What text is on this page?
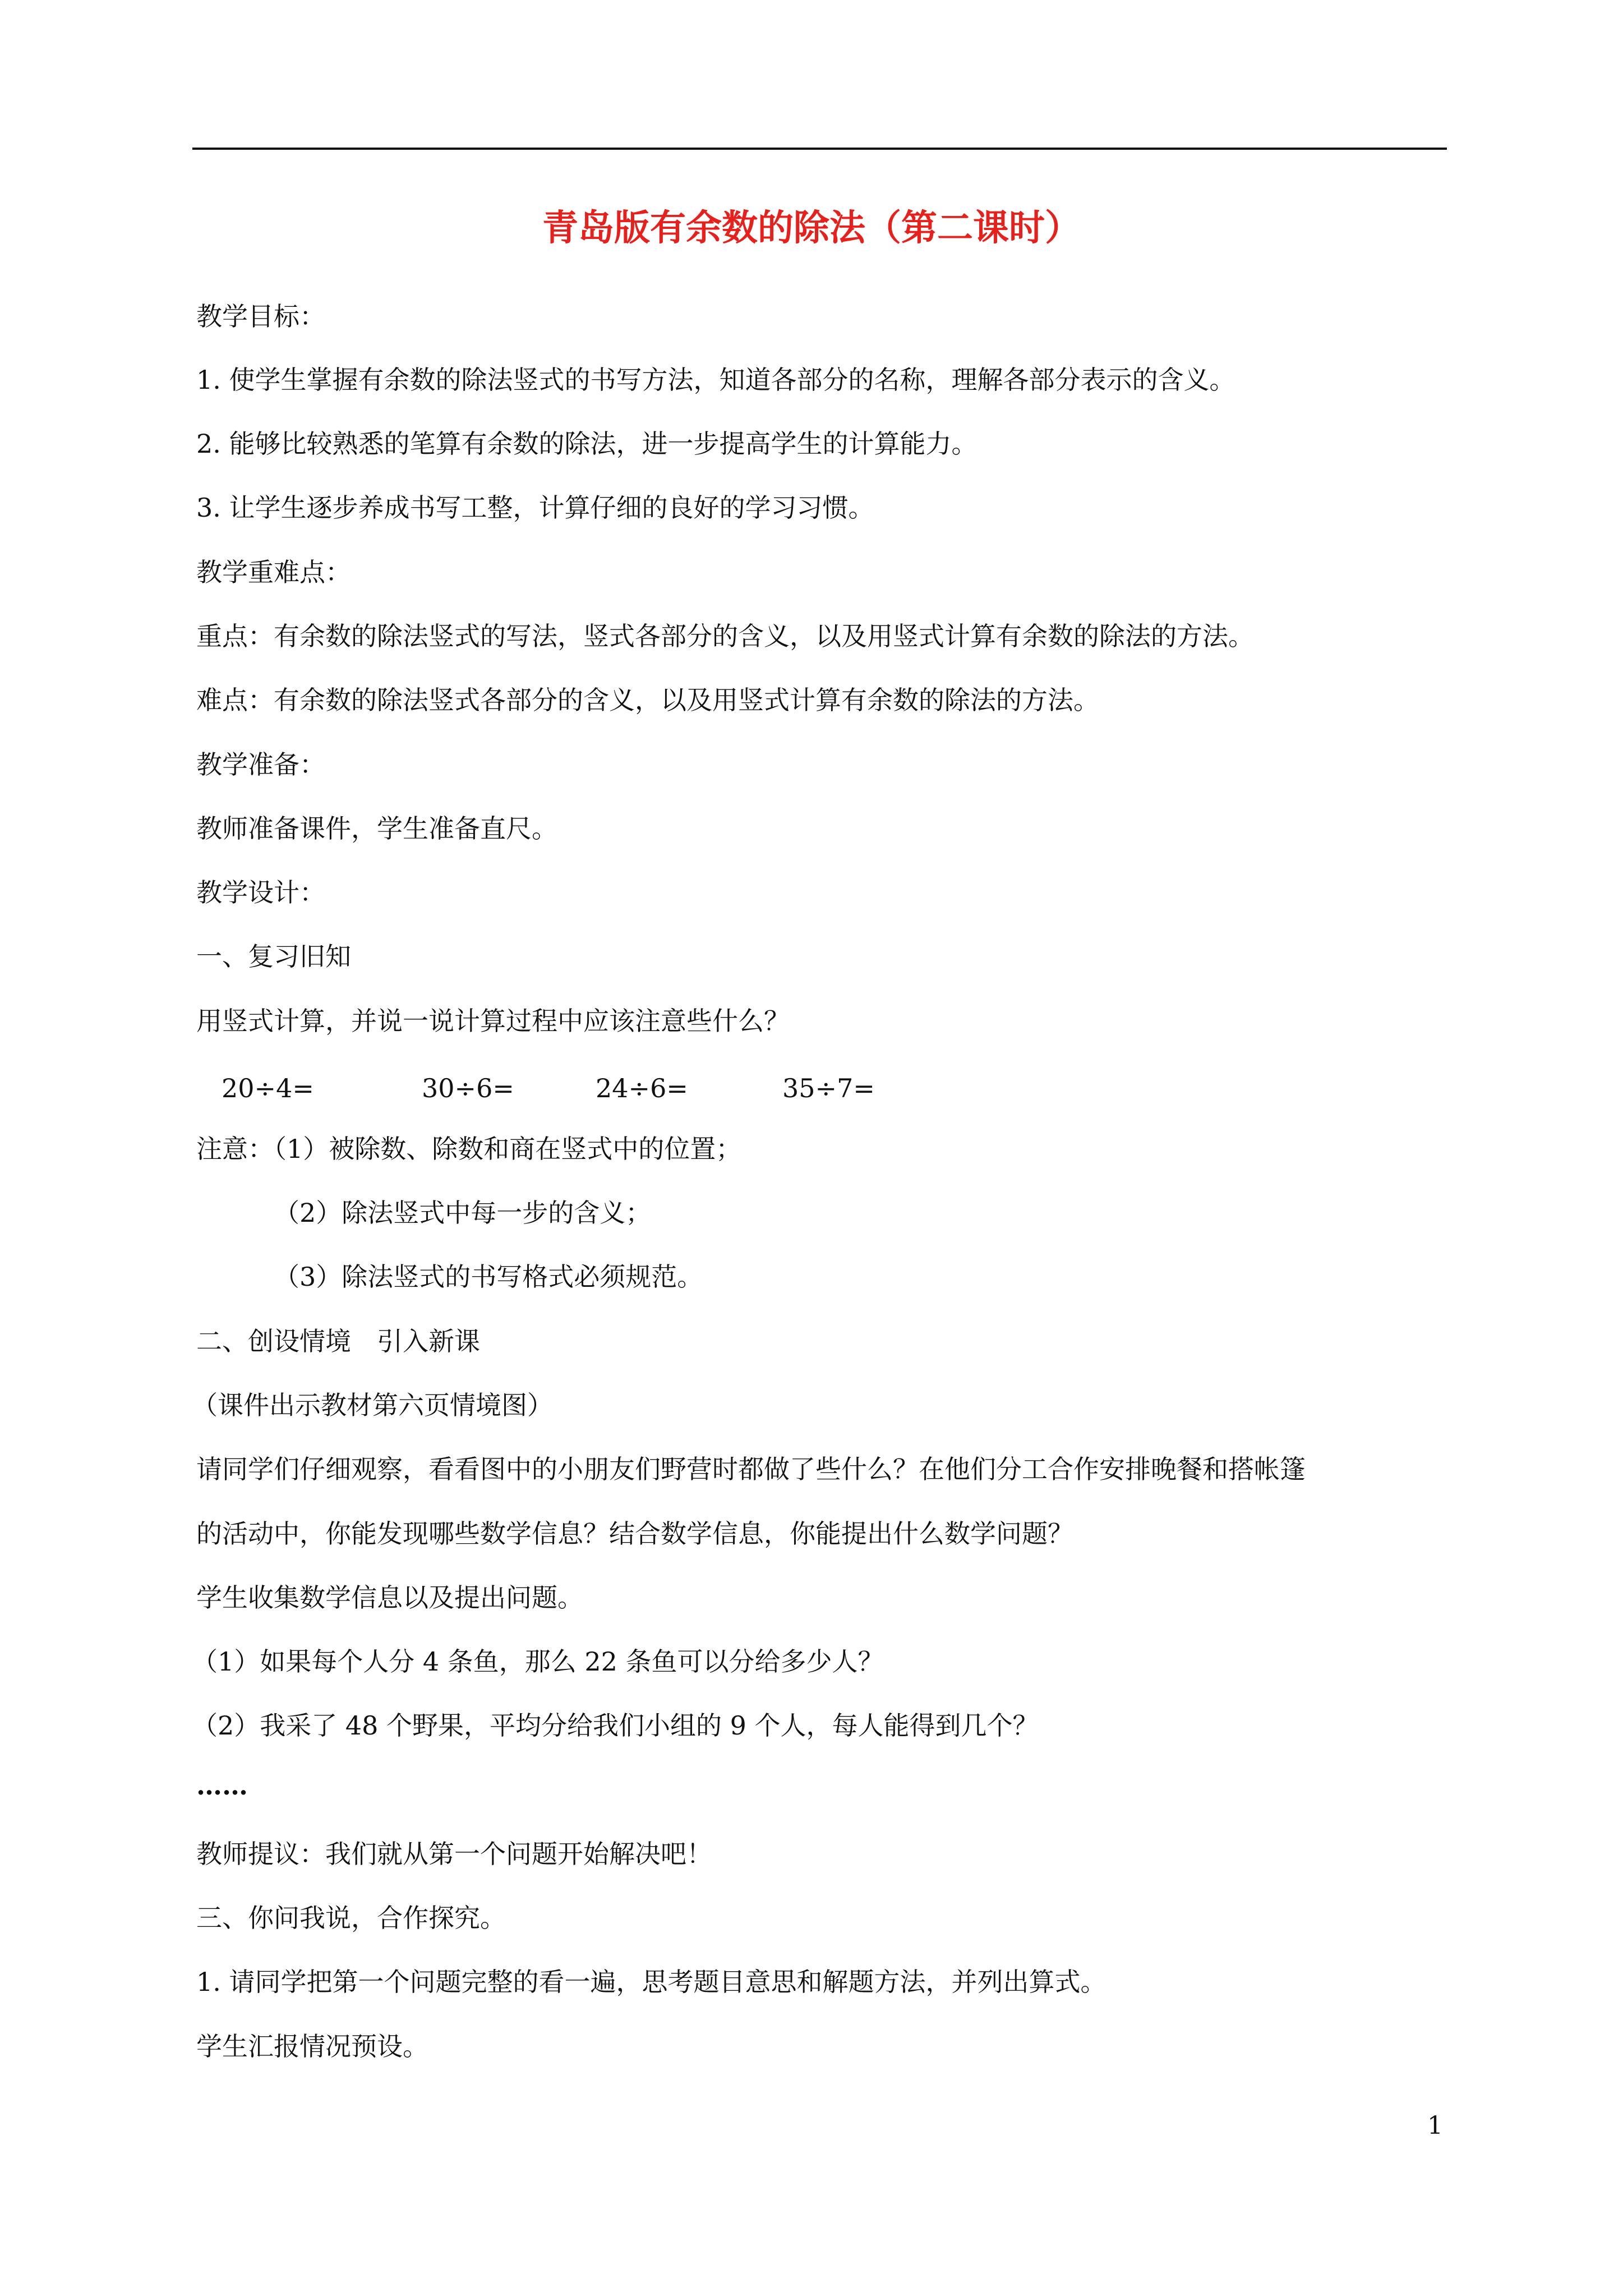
青岛版有余数的除法（第二课时）
教学目标：
1. 使学生掌握有余数的除法竖式的书写方法，知道各部分的名称，理解各部分表示的含义。
2. 能够比较熟悉的笔算有余数的除法，进一步提高学生的计算能力。
3. 让学生逐步养成书写工整，计算仔细的良好的学习习惯。
教学重难点：
重点：有余数的除法竖式的写法，竖式各部分的含义，以及用竖式计算有余数的除法的方法。
难点：有余数的除法竖式各部分的含义，以及用竖式计算有余数的除法的方法。
教学准备：
教师准备课件，学生准备直尺。
教学设计：
一、复习旧知
用竖式计算，并说一说计算过程中应该注意些什么？
20÷4=	30÷6=	24÷6=	35÷7=
注意：（1）被除数、除数和商在竖式中的位置；
（2）除法竖式中每一步的含义；
（3）除法竖式的书写格式必须规范。
二、创设情境　引入新课
（课件出示教材第六页情境图）
请同学们仔细观察，看看图中的小朋友们野营时都做了些什么？在他们分工合作安排晚餐和搭帐篷
的活动中，你能发现哪些数学信息？结合数学信息，你能提出什么数学问题？
学生收集数学信息以及提出问题。
（1）如果每个人分 4 条鱼，那么 22 条鱼可以分给多少人？
（2）我采了 48 个野果，平均分给我们小组的 9 个人，每人能得到几个？
……
教师提议：我们就从第一个问题开始解决吧！
三、你问我说，合作探究。
1. 请同学把第一个问题完整的看一遍，思考题目意思和解题方法，并列出算式。
学生汇报情况预设。
1
